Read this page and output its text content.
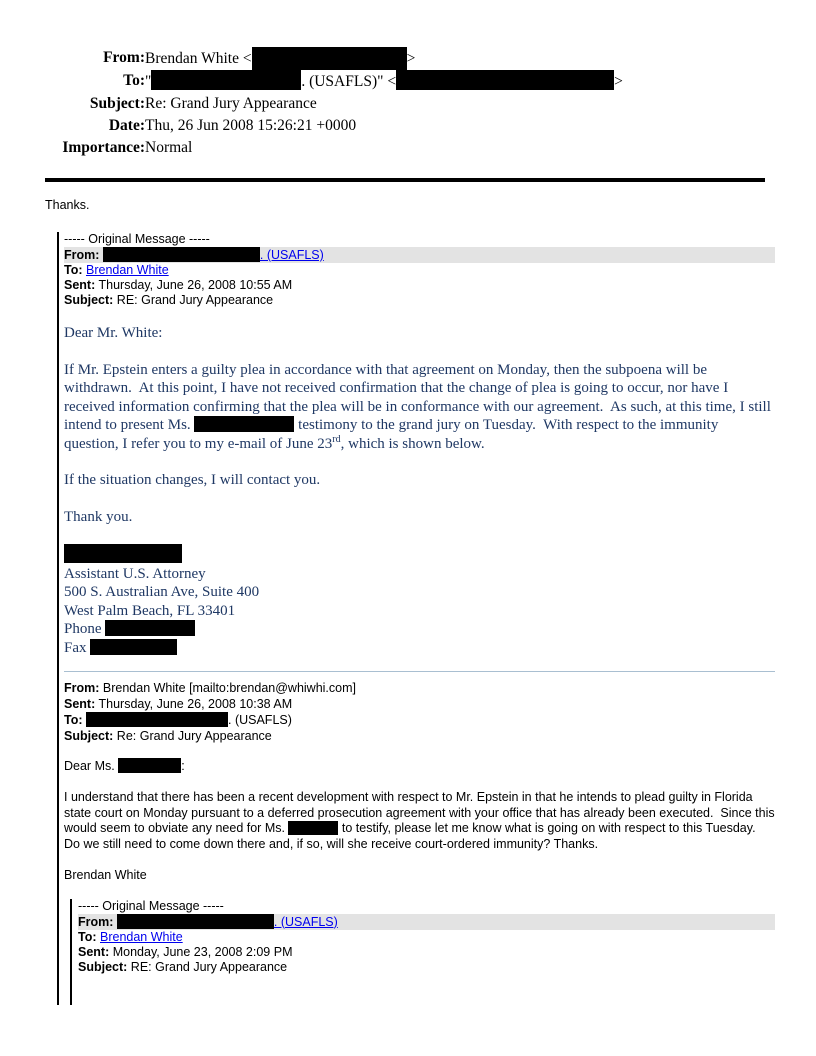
From:	Brendan White < >
To:	" . (USAFLS)" < >
Subject:	Re: Grand Jury Appearance
Date:	Thu, 26 Jun 2008 15:26:21 +0000
Importance:	Normal
Thanks.
----- Original Message -----
From:	. (USAFLS)
To: Brendan White
Sent: Thursday, June 26, 2008 10:55 AM
Subject: RE: Grand Jury Appearance

Dear Mr. White:

If Mr. Epstein enters a guilty plea in accordance with that agreement on Monday, then the subpoena will be withdrawn.  At this point, I have not received confirmation that the change of plea is going to occur, nor have I received information confirming that the plea will be in conformance with our agreement.  As such, at this time, I still intend to present Ms.	testimony to the grand jury on Tuesday.  With respect to the immunity question, I refer you to my e-mail of June 23rd, which is shown below.

If the situation changes, I will contact you.

Thank you.

Assistant U.S. Attorney
500 S. Australian Ave, Suite 400
West Palm Beach, FL 33401
Phone
Fax
From: Brendan White [mailto:brendan@whiwhi.com]
Sent: Thursday, June 26, 2008 10:38 AM
To:	. (USAFLS)
Subject: Re: Grand Jury Appearance

Dear Ms.	:

I understand that there has been a recent development with respect to Mr. Epstein in that he intends to plead guilty in Florida state court on Monday pursuant to a deferred prosecution agreement with your office that has already been executed.  Since this would seem to obviate any need for Ms.	to testify, please let me know what is going on with respect to this Tuesday.  Do we still need to come down there and, if so, will she receive court-ordered immunity? Thanks.

Brendan White

----- Original Message -----
From:	. (USAFLS)
To: Brendan White
Sent: Monday, June 23, 2008 2:09 PM
Subject: RE: Grand Jury Appearance
